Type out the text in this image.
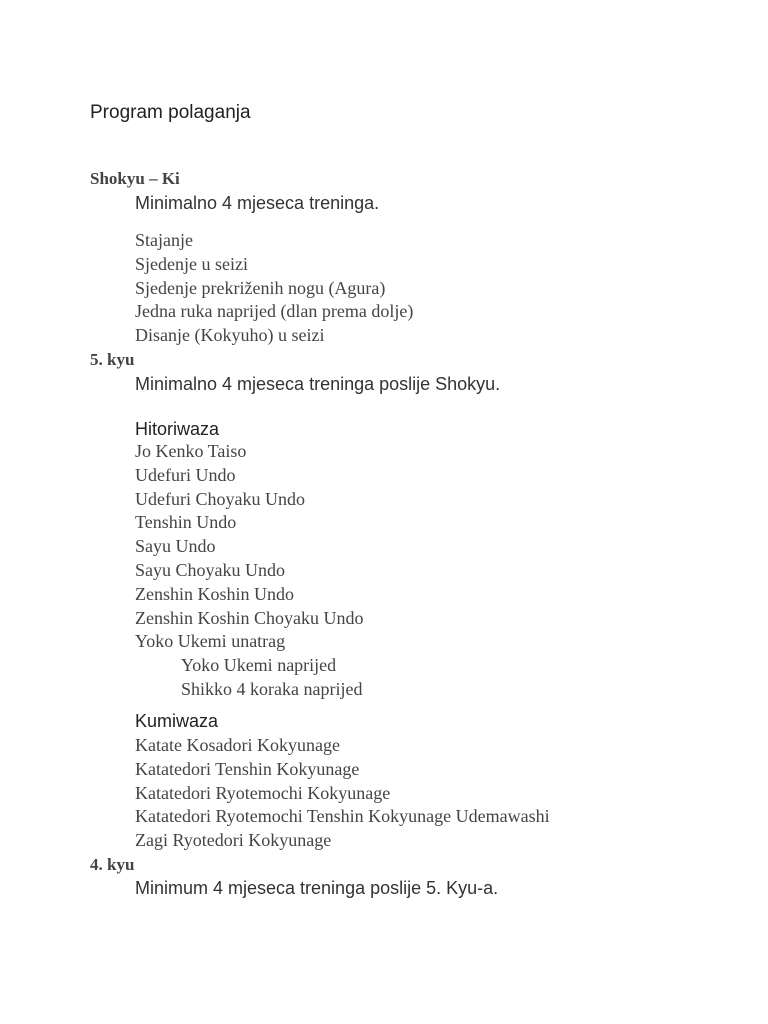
Program polaganja
Shokyu – Ki
Minimalno 4 mjeseca treninga.
Stajanje
Sjedenje u seizi
Sjedenje prekriženih nogu (Agura)
Jedna ruka naprijed (dlan prema dolje)
Disanje (Kokyuho) u seizi
5. kyu
Minimalno 4 mjeseca treninga poslije Shokyu.
Hitoriwaza
Jo Kenko Taiso
Udefuri Undo
Udefuri Choyaku Undo
Tenshin Undo
Sayu Undo
Sayu Choyaku Undo
Zenshin Koshin Undo
Zenshin Koshin Choyaku Undo
Yoko Ukemi unatrag
Yoko Ukemi naprijed
Shikko 4 koraka naprijed
Kumiwaza
Katate Kosadori Kokyunage
Katatedori Tenshin Kokyunage
Katatedori Ryotemochi Kokyunage
Katatedori Ryotemochi Tenshin Kokyunage Udemawashi
Zagi Ryotedori Kokyunage
4. kyu
Minimum 4 mjeseca treninga poslije 5. Kyu-a.
